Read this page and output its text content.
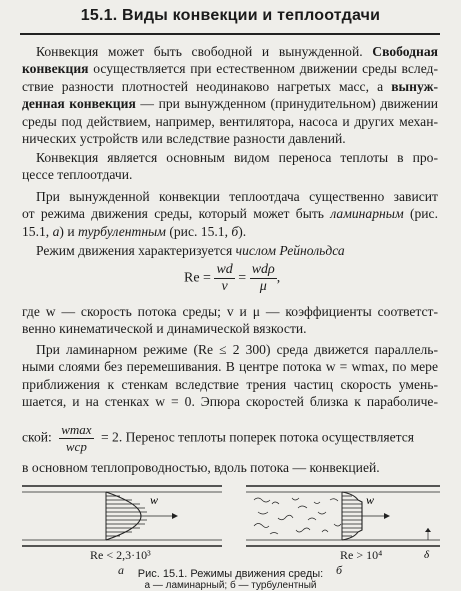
15.1. Виды конвекции и теплоотдачи
Конвекция может быть свободной и вынужденной. Свободная
конвекция осуществляется при естественном движении среды вслед-
ствие разности плотностей неодинаково нагретых масс, а вынуж-
денная конвекция — при вынужденном (принудительном) движении
среды под действием, например, вентилятора, насоса и других механ-
нических устройств или вследствие разности давлений.
Конвекция является основным видом переноса теплоты в про-
цессе теплоотдачи.
При вынужденной конвекции теплоотдача существенно зависит
от режима движения среды, который может быть ламинарным (рис.
15.1, а) и турбулентным (рис. 15.1, б).
Режим движения характеризуется числом Рейнольдса
$Re = \frac{wd}{v} = \frac{\text{wdρ}}{\mu}$ ,
где w — скорость потока среды; v и μ — коэффициенты соответст-
венно кинематической и динамической вязкости.
При ламинарном режиме (Re ≤ 2 300) среда движется параллель-
ными слоями без перемешивания. В центре потока w = wmax, по мере
приближения к стенкам вследствие трения частиц скорость умень-
шается, и на стенках w = 0. Эпюра скоростей близка к параболиче-
ской: $\frac{wmax}{\text{wср}} = 2$. Перенос теплоты поперек потока осуществляется
в основном теплопроводностью, вдоль потока — конвекцией.
w	w
δ
Re < 2,3·10³	Re > 10⁴
а	б
Рис. 15.1. Режимы движения среды:
а — ламинарный; б — турбулентный
